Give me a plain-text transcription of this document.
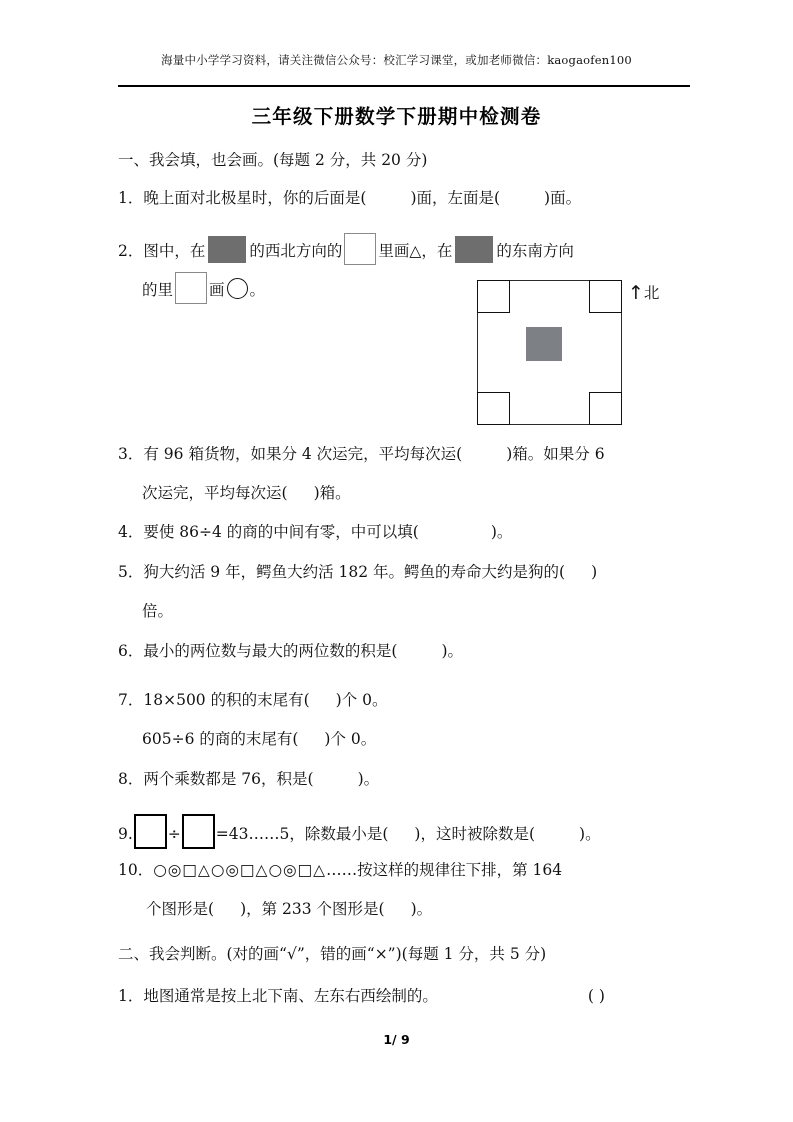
海量中小学学习资料，请关注微信公众号：校汇学习课堂，或加老师微信：kaogaofen100
三年级下册数学下册期中检测卷
一、我会填，也会画。(每题 2 分，共 20 分)
1．晚上面对北极星时，你的后面是(	)面，左面是(	)面。
2．图中，在	的西北方向的 里画△，在	的东南方向
的里 画 。	↑北
3．有 96 箱货物，如果分 4 次运完，平均每次运(	)箱。如果分 6
次运完，平均每次运( )箱。
4．要使 86÷4 的商的中间有零，中可以填(	)。
5．狗大约活 9 年，鳄鱼大约活 182 年。鳄鱼的寿命大约是狗的( )
倍。
6．最小的两位数与最大的两位数的积是(	)。
7．18×500 的积的末尾有( )个 0。
605÷6 的商的末尾有( )个 0。
8．两个乘数都是 76，积是(	)。
9. ÷ =43……5，除数最小是( )，这时被除数是(	)。
10．○◎□△○◎□△○◎□△……按这样的规律往下排，第 164
个图形是( )，第 233 个图形是( )。
二、我会判断。(对的画“√”，错的画“×”)(每题 1 分，共 5 分)
1．地图通常是按上北下南、左东右西绘制的。	( )
1/ 9
